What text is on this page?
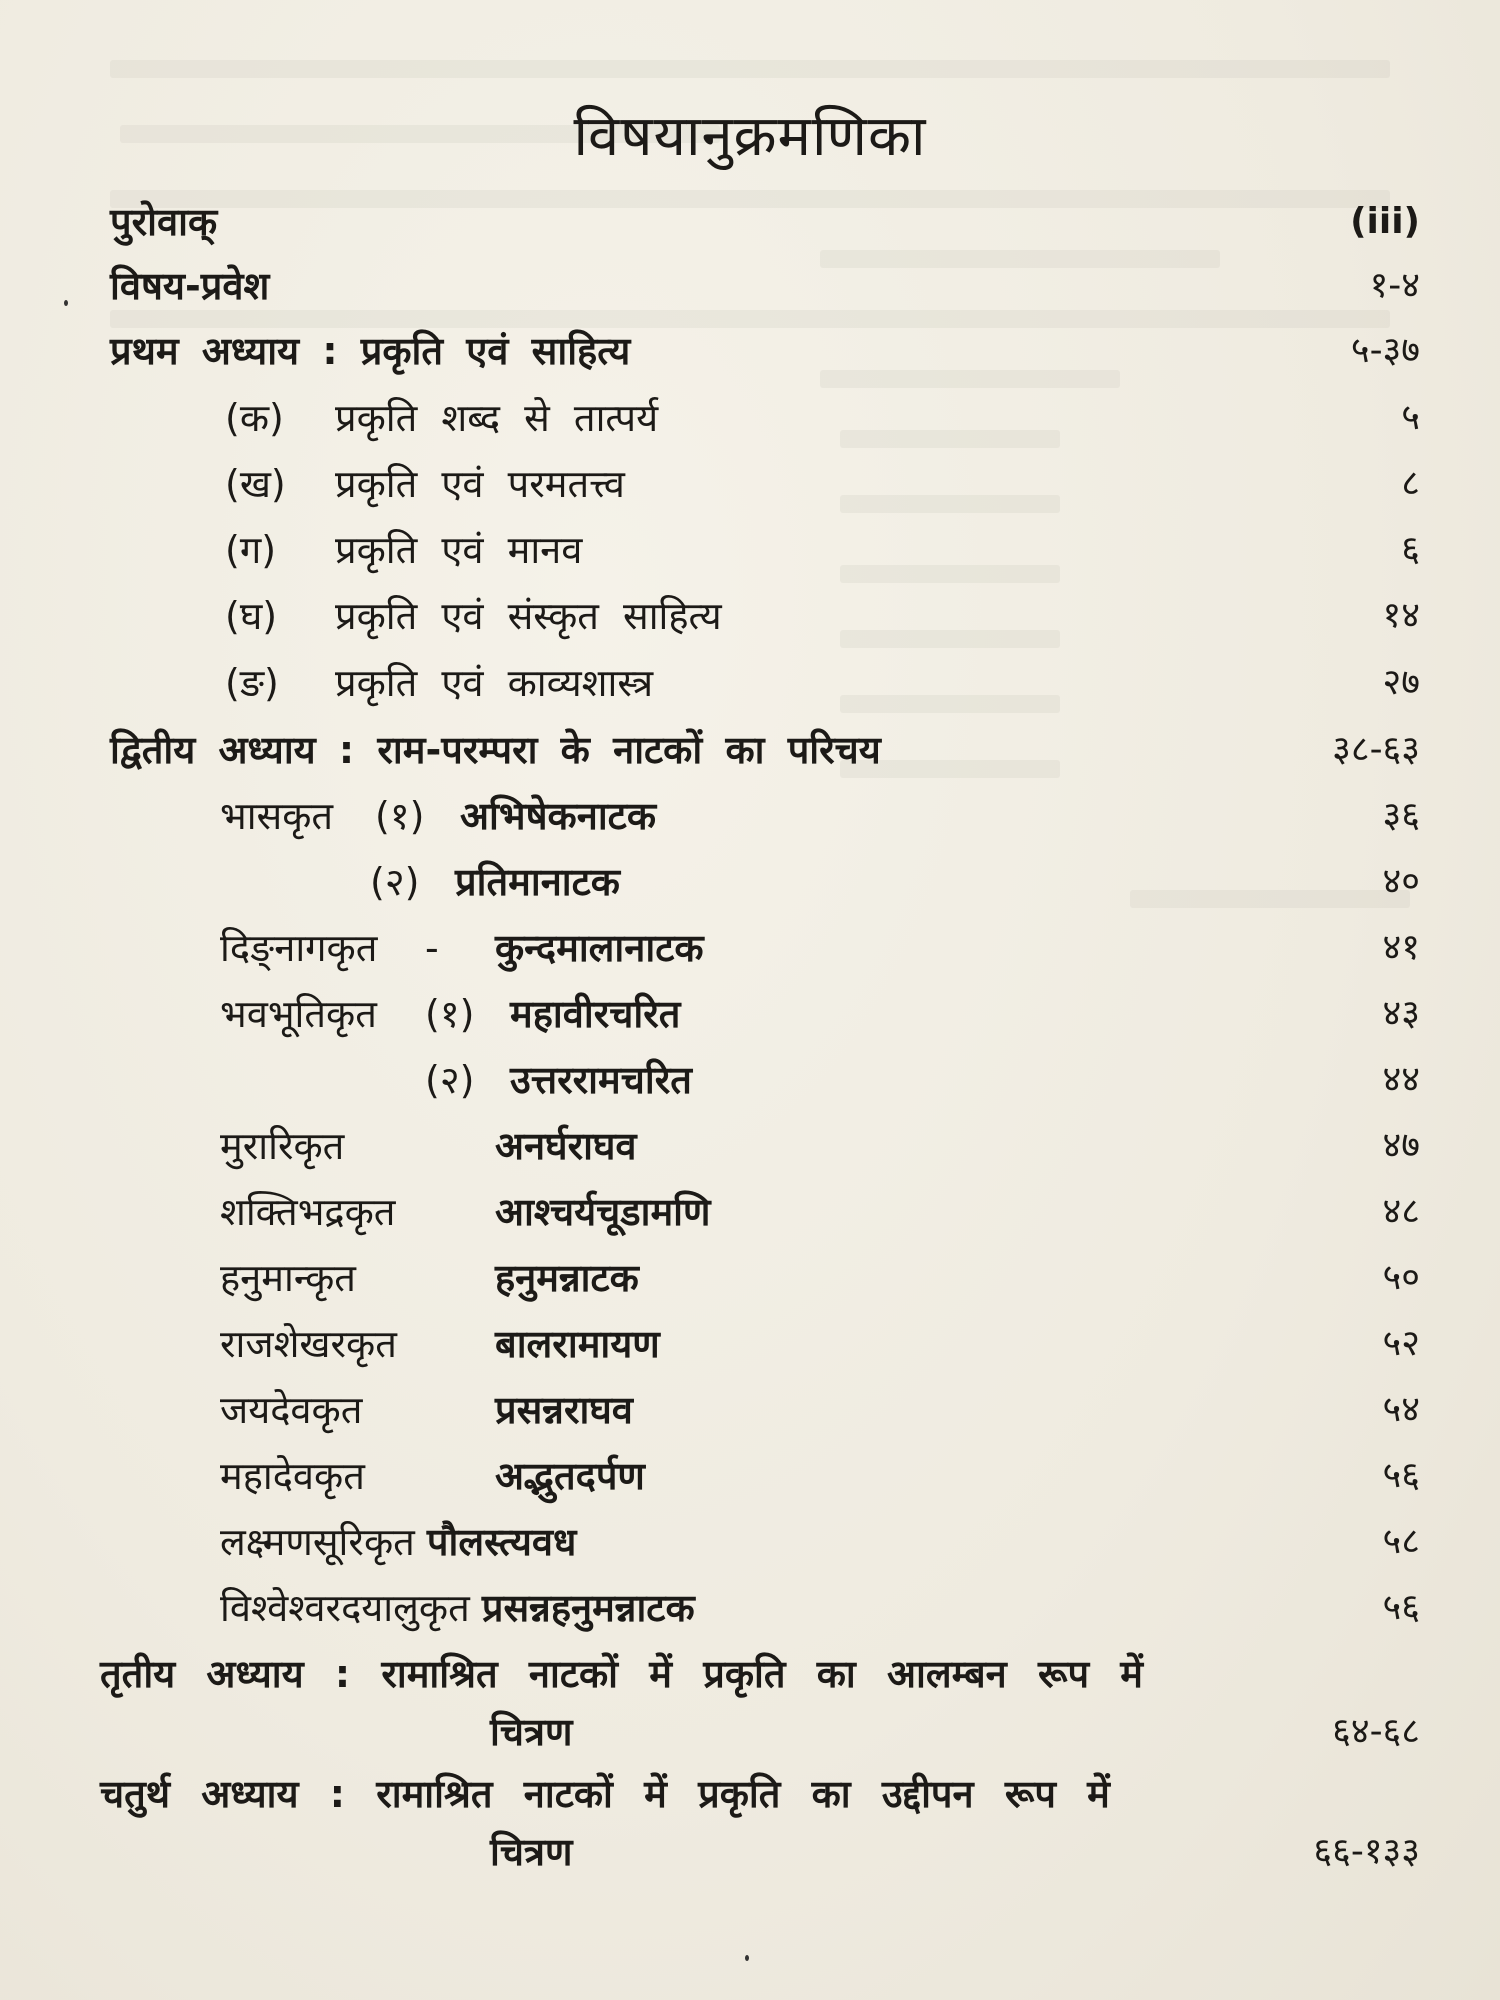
विषयानुक्रमणिका
पुरोवाक्	(iii)
विषय-प्रवेश	१-४
प्रथम अध्याय : प्रकृति एवं साहित्य	५-३७
(क) प्रकृति शब्द से तात्पर्य	५
(ख) प्रकृति एवं परमतत्त्व	८
(ग) प्रकृति एवं मानव	६
(घ) प्रकृति एवं संस्कृत साहित्य	१४
(ङ) प्रकृति एवं काव्यशास्त्र	२७
द्वितीय अध्याय : राम-परम्परा के नाटकों का परिचय	३८-६३
भासकृत (१) अभिषेकनाटक	३६
(२) प्रतिमानाटक	४०
दिङ्नागकृत - कुन्दमालानाटक	४१
भवभूतिकृत (१) महावीरचरित	४३
(२) उत्तररामचरित	४४
मुरारिकृत	अनर्घराघव	४७
शक्तिभद्रकृत	आश्चर्यचूडामणि	४८
हनुमान्कृत	हनुमन्नाटक	५०
राजशेखरकृत	बालरामायण	५२
जयदेवकृत	प्रसन्नराघव	५४
महादेवकृत	अद्भुतदर्पण	५६
लक्ष्मणसूरिकृत पौलस्त्यवध	५८
विश्वेश्वरदयालुकृत प्रसन्नहनुमन्नाटक	५६
तृतीय अध्याय : रामाश्रित नाटकों में प्रकृति का आलम्बन रूप में
चित्रण	६४-६८
चतुर्थ अध्याय : रामाश्रित नाटकों में प्रकृति का उद्दीपन रूप में
चित्रण	६६-१३३
